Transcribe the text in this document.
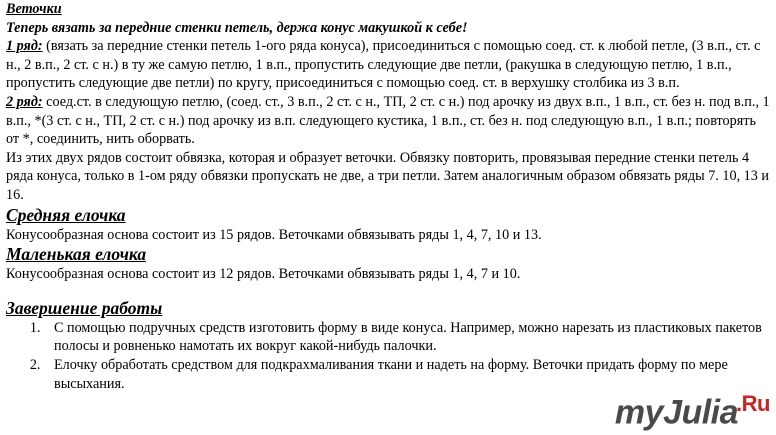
Веточки

Теперь вязать за передние стенки петель, держа конус макушкой к себе!

1 ряд: (вязать за передние стенки петель 1-ого ряда конуса), присоединиться с помощью соед. ст. к любой петле, (3 в.п., ст. с н., 2 в.п., 2 ст. с н.) в ту же самую петлю, 1 в.п., пропустить следующие две петли, (ракушка в следующую петлю, 1 в.п., пропустить следующие две петли) по кругу, присоединиться с помощью соед. ст. в верхушку столбика из 3 в.п.

2 ряд: соед.ст. в следующую петлю, (соед. ст., 3 в.п., 2 ст. с н., ТП, 2 ст. с н.) под арочку из двух в.п., 1 в.п., ст. без н. под в.п., 1 в.п., *(3 ст. с н., ТП, 2 ст. с н.) под арочку из в.п. следующего кустика, 1 в.п., ст. без н. под следующую в.п., 1 в.п.; повторять от *, соединить, нить оборвать.

Из этих двух рядов состоит обвязка, которая и образует веточки. Обвязку повторить, провязывая передние стенки петель 4 ряда конуса, только в 1-ом ряду обвязки пропускать не две, а три петли. Затем аналогичным образом обвязать ряды 7. 10, 13 и 16.

Средняя елочка

Конусообразная основа состоит из 15 рядов. Веточками обвязывать ряды 1, 4, 7, 10 и 13.

Маленькая елочка

Конусообразная основа состоит из 12 рядов. Веточками обвязывать ряды 1, 4, 7 и 10.

Завершение работы

1. С помощью подручных средств изготовить форму в виде конуса. Например, можно нарезать из пластиковых пакетов полосы и ровненько намотать их вокруг какой-нибудь палочки.
2. Елочку обработать средством для подкрахмаливания ткани и надеть на форму. Веточки придать форму по мере высыхания.
myJulia$^{.Ru}$
